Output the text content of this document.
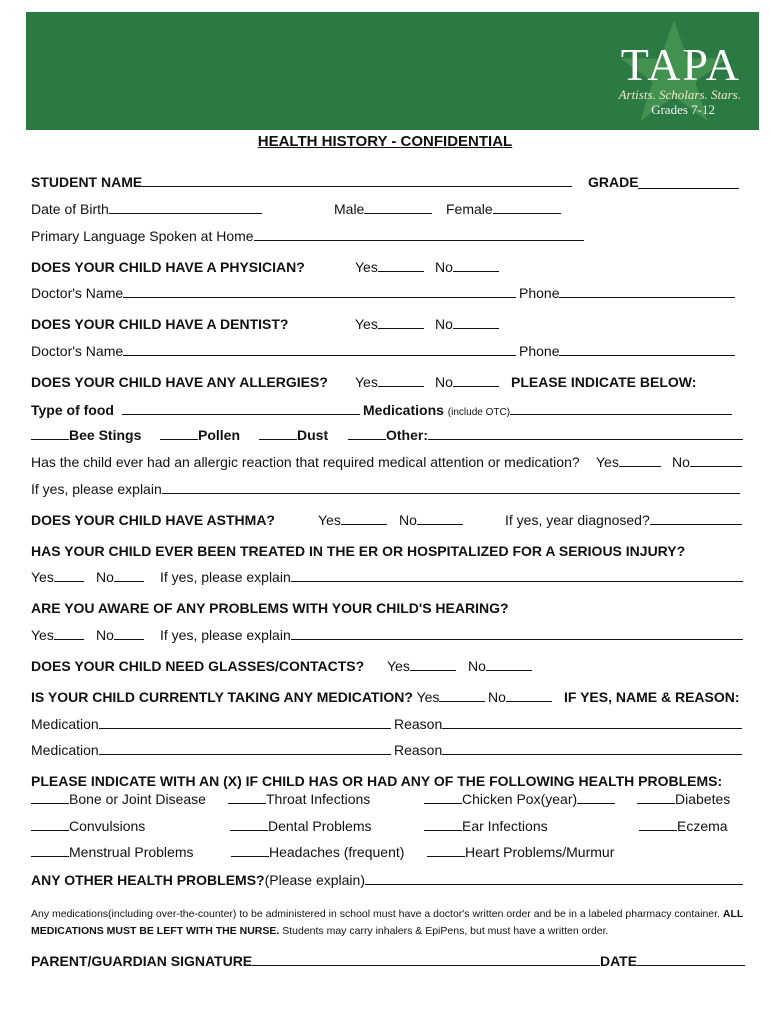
TAPA
Artists. Scholars. Stars.
Grades 7-12
HEALTH HISTORY - CONFIDENTIAL
STUDENT NAME	GRADE
Date of Birth	Male	Female
Primary Language Spoken at Home
DOES YOUR CHILD HAVE A PHYSICIAN?	Yes	No
Doctor's Name	Phone
DOES YOUR CHILD HAVE A DENTIST?	Yes	No
Doctor's Name	Phone
DOES YOUR CHILD HAVE ANY ALLERGIES? Yes	No	PLEASE INDICATE BELOW:
Type of food	Medications (include OTC)
Bee Stings	Pollen	Dust	Other:
Has the child ever had an allergic reaction that required medical attention or medication? Yes	No
If yes, please explain
DOES YOUR CHILD HAVE ASTHMA?	Yes	No	If yes, year diagnosed?
HAS YOUR CHILD EVER BEEN TREATED IN THE ER OR HOSPITALIZED FOR A SERIOUS INJURY?
Yes	No	If yes, please explain
ARE YOU AWARE OF ANY PROBLEMS WITH YOUR CHILD'S HEARING?
Yes	No	If yes, please explain
DOES YOUR CHILD NEED GLASSES/CONTACTS? Yes	No
IS YOUR CHILD CURRENTLY TAKING ANY MEDICATION? Yes	No	IF YES, NAME & REASON:
Medication	Reason
Medication	Reason
PLEASE INDICATE WITH AN (X) IF CHILD HAS OR HAD ANY OF THE FOLLOWING HEALTH PROBLEMS:
Bone or Joint Disease	Throat Infections	Chicken Pox(year)	Diabetes
Convulsions	Dental Problems	Ear Infections	Eczema
Menstrual Problems	Headaches (frequent)	Heart Problems/Murmur
ANY OTHER HEALTH PROBLEMS?(Please explain)
Any medications(including over-the-counter) to be administered in school must have a doctor's written order and be in a labeled pharmacy container. ALL MEDICATIONS MUST BE LEFT WITH THE NURSE. Students may carry inhalers & EpiPens, but must have a written order.
PARENT/GUARDIAN SIGNATURE	DATE
